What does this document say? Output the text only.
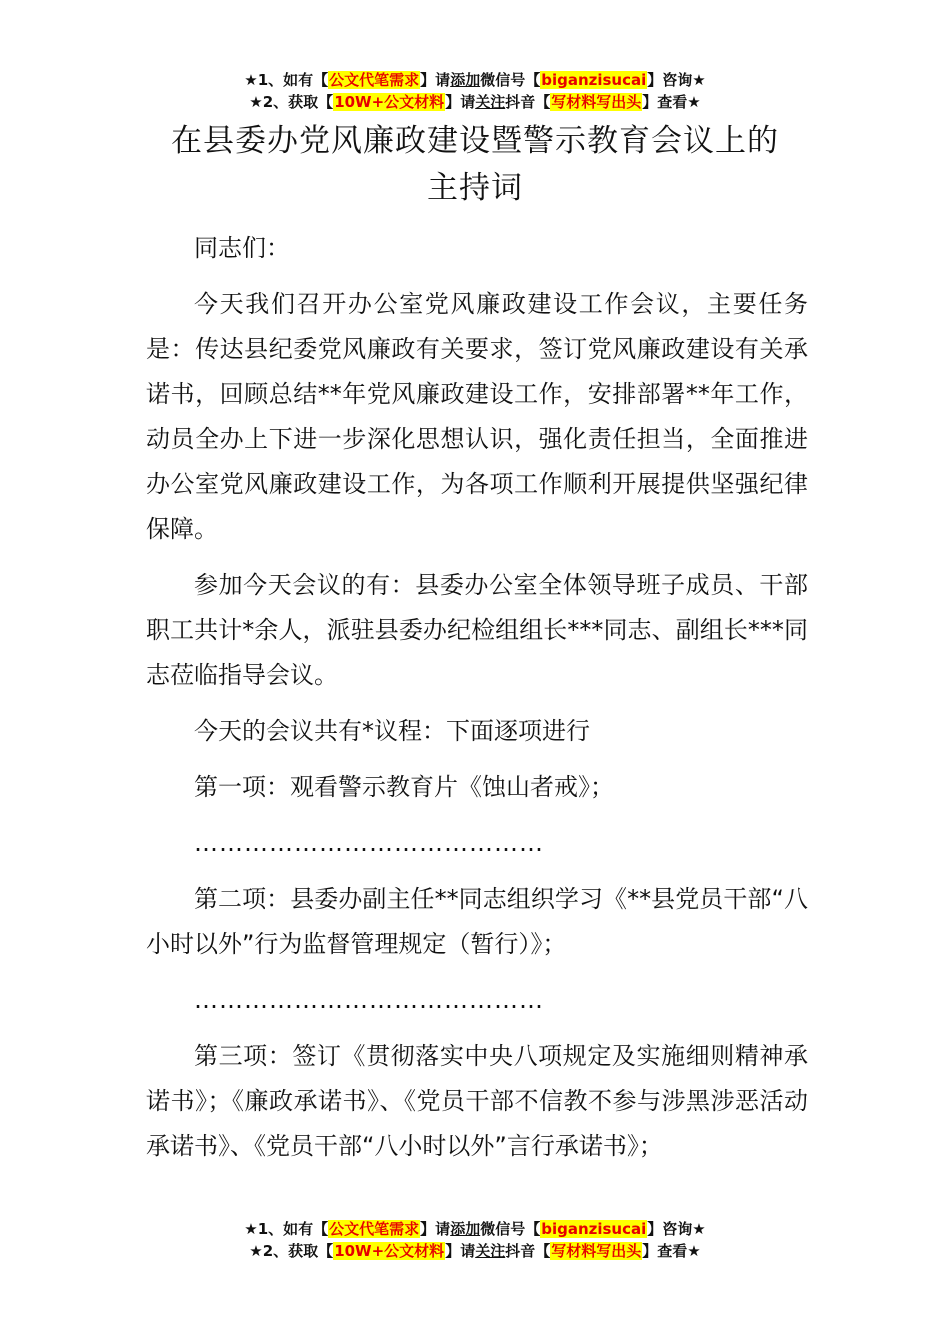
★1、如有【公文代笔需求】请添加微信号【biganzisucai】咨询★
★2、获取【10W+公文材料】请关注抖音【写材料写出头】查看★
在县委办党风廉政建设暨警示教育会议上的
主持词

同志们：

今天我们召开办公室党风廉政建设工作会议，主要任务是：传达县纪委党风廉政有关要求，签订党风廉政建设有关承诺书，回顾总结**年党风廉政建设工作，安排部署**年工作，动员全办上下进一步深化思想认识，强化责任担当，全面推进办公室党风廉政建设工作，为各项工作顺利开展提供坚强纪律保障。

参加今天会议的有：县委办公室全体领导班子成员、干部职工共计*余人，派驻县委办纪检组组长***同志、副组长***同志莅临指导会议。

今天的会议共有*议程：下面逐项进行

第一项：观看警示教育片《蚀山者戒》；

……………………………………

第二项：县委办副主任**同志组织学习《**县党员干部“八小时以外”行为监督管理规定（暂行）》；

……………………………………

第三项：签订《贯彻落实中央八项规定及实施细则精神承诺书》；《廉政承诺书》、《党员干部不信教不参与涉黑涉恶活动承诺书》、《党员干部“八小时以外”言行承诺书》；

★1、如有【公文代笔需求】请添加微信号【biganzisucai】咨询★
★2、获取【10W+公文材料】请关注抖音【写材料写出头】查看★
